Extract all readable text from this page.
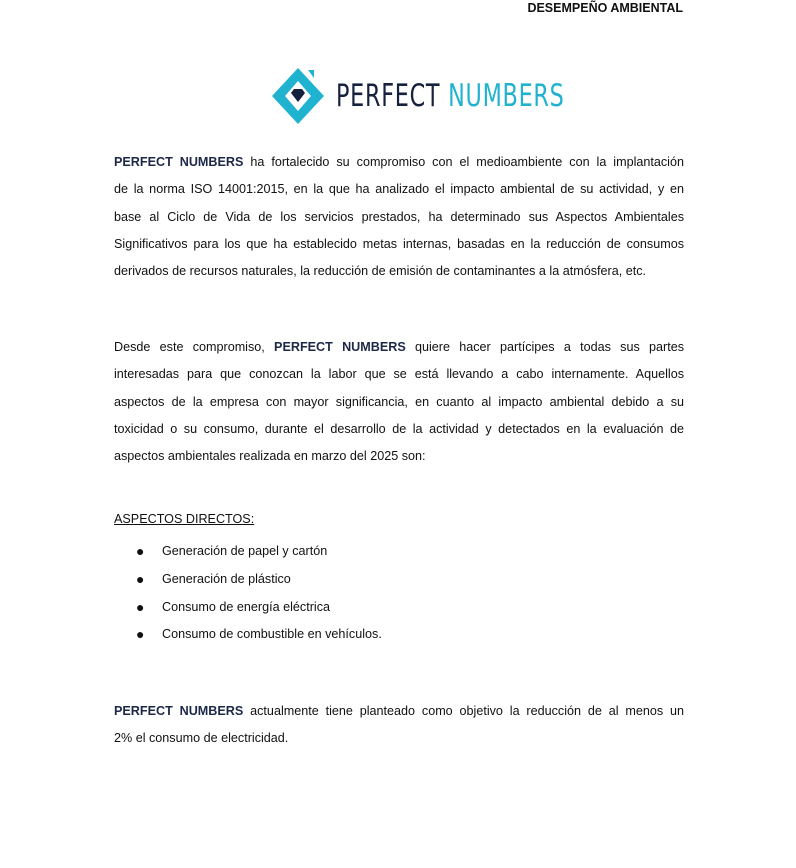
DESEMPEÑO AMBIENTAL
PERFECT NUMBERS
PERFECT NUMBERS ha fortalecido su compromiso con el medioambiente con la implantación
de la norma ISO 14001:2015, en la que ha analizado el impacto ambiental de su actividad, y en
base al Ciclo de Vida de los servicios prestados, ha determinado sus Aspectos Ambientales
Significativos para los que ha establecido metas internas, basadas en la reducción de consumos
derivados de recursos naturales, la reducción de emisión de contaminantes a la atmósfera, etc.
Desde este compromiso, PERFECT NUMBERS quiere hacer partícipes a todas sus partes
interesadas para que conozcan la labor que se está llevando a cabo internamente. Aquellos
aspectos de la empresa con mayor significancia, en cuanto al impacto ambiental debido a su
toxicidad o su consumo, durante el desarrollo de la actividad y detectados en la evaluación de
aspectos ambientales realizada en marzo del 2025 son:
ASPECTOS DIRECTOS:
●	Generación de papel y cartón
●	Generación de plástico
●	Consumo de energía eléctrica
●	Consumo de combustible en vehículos.
PERFECT NUMBERS actualmente tiene planteado como objetivo la reducción de al menos un
2% el consumo de electricidad.
